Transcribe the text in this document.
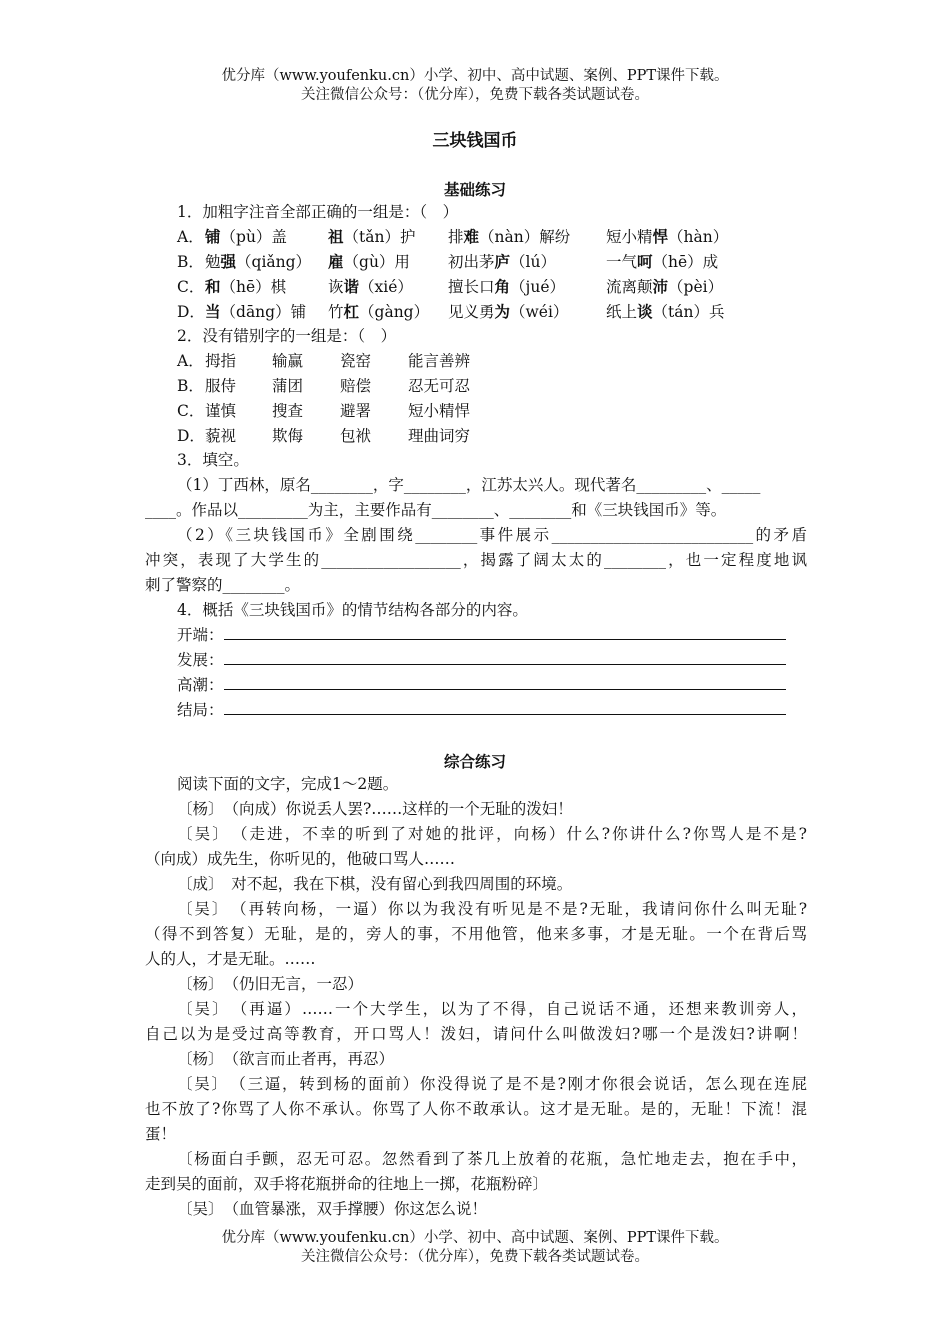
优分库（www.youfenku.cn）小学、初中、高中试题、案例、PPT课件下载。
关注微信公众号：（优分库），免费下载各类试题试卷。
三块钱国币
基础练习
1．加粗字注音全部正确的一组是：（　）
A． 铺（pù）盖	祖（tǎn）护 排难（nàn）解纷 短小精悍（hàn）
B． 勉强（qiǎng） 雇（gù）用 初出茅庐（lú）	一气呵（hē）成
C． 和（hē）棋	诙谐（xié） 擅长口角（jué）	流离颠沛（pèi）
D． 当（dāng）铺 竹杠（gàng） 见义勇为（wéi） 纸上谈（tán）兵
2．没有错别字的一组是：（　）
A． 拇指 输赢 瓷窑 能言善辨
B． 服侍 蒲团 赔偿 忍无可忍
C． 谨慎 搜查 避署 短小精悍
D． 藐视 欺侮 包袱 理曲词穷
3．填空。
（1）丁西林，原名________，字________，江苏太兴人。现代著名_________、_____
____。作品以_________为主，主要作品有________、________和《三块钱国币》等。
（2）《三块钱国币》全剧围绕________事件展示__________________________的矛盾
冲突，表现了大学生的__________________，揭露了阔太太的________，也一定程度地讽
刺了警察的________。
4．概括《三块钱国币》的情节结构各部分的内容。
开端：
发展：
高潮：
结局：
综合练习
阅读下面的文字，完成1～2题。
〔杨〕　（向成）你说丢人罢?……这样的一个无耻的泼妇！
〔吴〕　（走进，不幸的听到了对她的批评，向杨）什么?你讲什么?你骂人是不是?
（向成）成先生，你听见的，他破口骂人……
〔成〕　对不起，我在下棋，没有留心到我四周围的环境。
〔吴〕　（再转向杨，一逼）你以为我没有听见是不是?无耻，我请问你什么叫无耻?
（得不到答复）无耻，是的，旁人的事，不用他管，他来多事，才是无耻。一个在背后骂
人的人，才是无耻。……
〔杨〕　（仍旧无言，一忍）
〔吴〕　（再逼）……一个大学生，以为了不得，自己说话不通，还想来教训旁人，
自己以为是受过高等教育，开口骂人！泼妇，请问什么叫做泼妇?哪一个是泼妇?讲啊！
〔杨〕　（欲言而止者再，再忍）
〔吴〕　（三逼，转到杨的面前）你没得说了是不是?刚才你很会说话，怎么现在连屁
也不放了?你骂了人你不承认。你骂了人你不敢承认。这才是无耻。是的，无耻！下流！混
蛋！
〔杨面白手颤，忍无可忍。忽然看到了茶几上放着的花瓶，急忙地走去，抱在手中，
走到吴的面前，双手将花瓶拼命的往地上一掷，花瓶粉碎〕
〔吴〕　（血管暴涨，双手撑腰）你这怎么说！
优分库（www.youfenku.cn）小学、初中、高中试题、案例、PPT课件下载。
关注微信公众号：（优分库），免费下载各类试题试卷。
